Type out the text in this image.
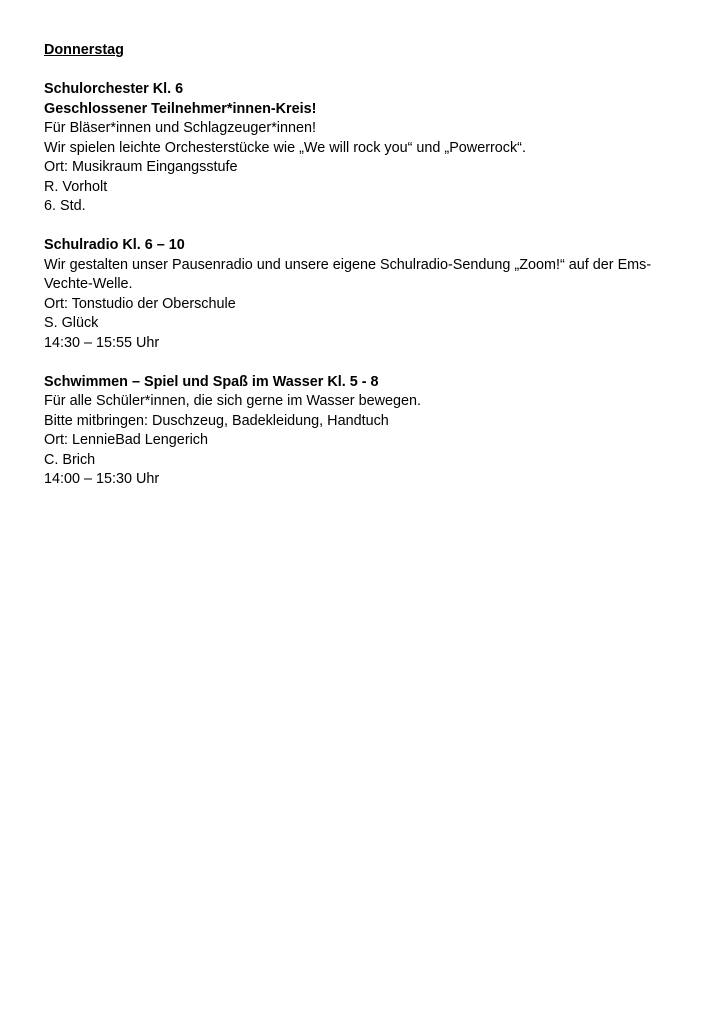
Donnerstag

Schulorchester Kl. 6

Geschlossener Teilnehmer*innen-Kreis!

Für Bläser*innen und Schlagzeuger*innen!

Wir spielen leichte Orchesterstücke wie „We will rock you“ und „Powerrock“.

Ort: Musikraum Eingangsstufe

R. Vorholt

6. Std.

Schulradio Kl. 6 – 10

Wir gestalten unser Pausenradio und unsere eigene Schulradio-Sendung „Zoom!“ auf der Ems-Vechte-Welle.

Ort: Tonstudio der Oberschule

S. Glück

14:30 – 15:55 Uhr

Schwimmen – Spiel und Spaß im Wasser Kl. 5 - 8

Für alle Schüler*innen, die sich gerne im Wasser bewegen.

Bitte mitbringen: Duschzeug, Badekleidung, Handtuch

Ort: LennieBad Lengerich

C. Brich

14:00 – 15:30 Uhr
